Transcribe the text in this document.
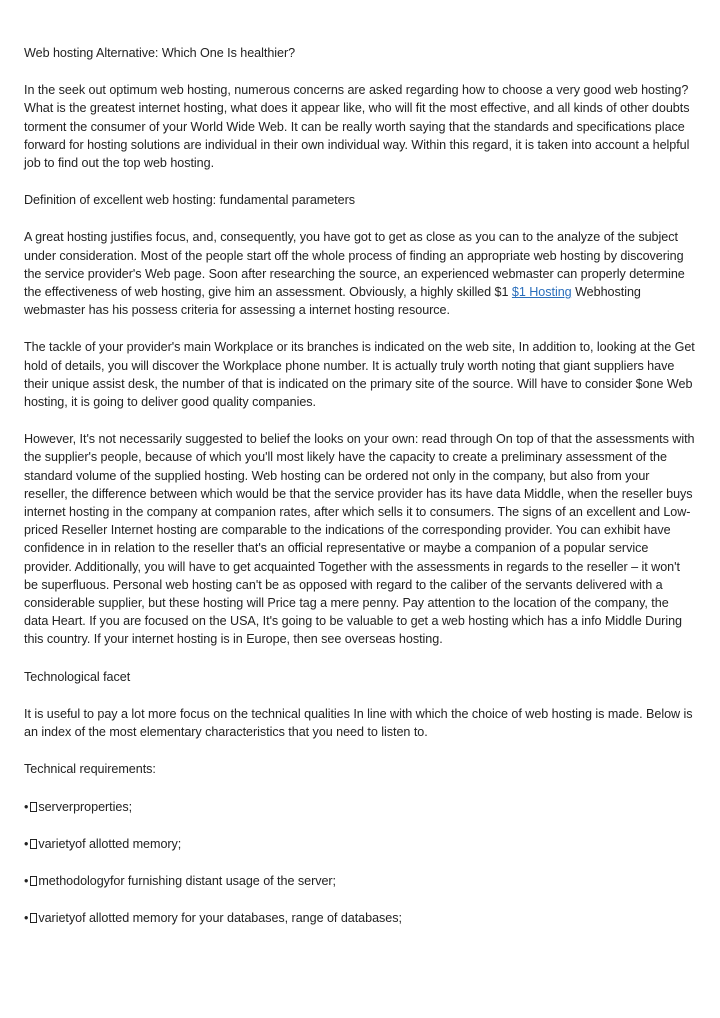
Web hosting Alternative: Which One Is healthier?

In the seek out optimum web hosting, numerous concerns are asked regarding how to choose a very good web hosting? What is the greatest internet hosting, what does it appear like, who will fit the most effective, and all kinds of other doubts torment the consumer of your World Wide Web. It can be really worth saying that the standards and specifications place forward for hosting solutions are individual in their own individual way. Within this regard, it is taken into account a helpful job to find out the top web hosting.

Definition of excellent web hosting: fundamental parameters

A great hosting justifies focus, and, consequently, you have got to get as close as you can to the analyze of the subject under consideration. Most of the people start off the whole process of finding an appropriate web hosting by discovering the service provider's Web page. Soon after researching the source, an experienced webmaster can properly determine the effectiveness of web hosting, give him an assessment. Obviously, a highly skilled $1 $1 Hosting Webhosting webmaster has his possess criteria for assessing a internet hosting resource.

The tackle of your provider's main Workplace or its branches is indicated on the web site, In addition to, looking at the Get hold of details, you will discover the Workplace phone number. It is actually truly worth noting that giant suppliers have their unique assist desk, the number of that is indicated on the primary site of the source. Will have to consider $one Web hosting, it is going to deliver good quality companies.

However, It's not necessarily suggested to belief the looks on your own: read through On top of that the assessments with the supplier's people, because of which you'll most likely have the capacity to create a preliminary assessment of the standard volume of the supplied hosting. Web hosting can be ordered not only in the company, but also from your reseller, the difference between which would be that the service provider has its have data Middle, when the reseller buys internet hosting in the company at companion rates, after which sells it to consumers. The signs of an excellent and Low-priced Reseller Internet hosting are comparable to the indications of the corresponding provider. You can exhibit have confidence in in relation to the reseller that's an official representative or maybe a companion of a popular service provider. Additionally, you will have to get acquainted Together with the assessments in regards to the reseller – it won't be superfluous. Personal web hosting can't be as opposed with regard to the caliber of the servants delivered with a considerable supplier, but these hosting will Price tag a mere penny. Pay attention to the location of the company, the data Heart. If you are focused on the USA, It's going to be valuable to get a web hosting which has a info Middle During this country. If your internet hosting is in Europe, then see overseas hosting.

Technological facet

It is useful to pay a lot more focus on the technical qualities In line with which the choice of web hosting is made. Below is an index of the most elementary characteristics that you need to listen to.

Technical requirements:

• serverproperties;

• varietyof allotted memory;

• methodologyfor furnishing distant usage of the server;

• varietyof allotted memory for your databases, range of databases;
